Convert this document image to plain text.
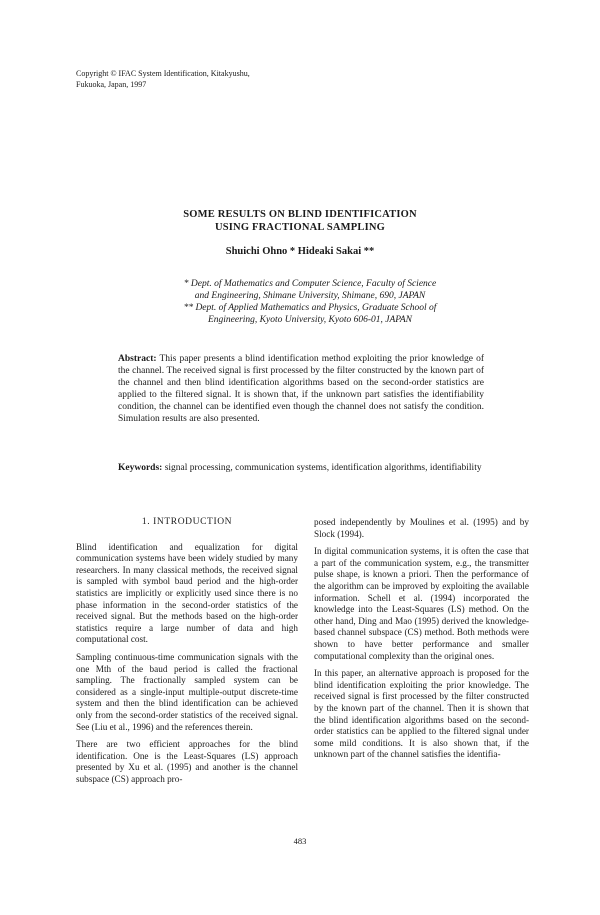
Copyright © IFAC System Identification, Kitakyushu,
Fukuoka, Japan, 1997
SOME RESULTS ON BLIND IDENTIFICATION
USING FRACTIONAL SAMPLING
Shuichi Ohno * Hideaki Sakai **
* Dept. of Mathematics and Computer Science, Faculty of Science
and Engineering, Shimane University, Shimane, 690, JAPAN
** Dept. of Applied Mathematics and Physics, Graduate School of
Engineering, Kyoto University, Kyoto 606-01, JAPAN
Abstract: This paper presents a blind identification method exploiting the prior knowledge of the channel. The received signal is first processed by the filter constructed by the known part of the channel and then blind identification algorithms based on the second-order statistics are applied to the filtered signal. It is shown that, if the unknown part satisfies the identifiability condition, the channel can be identified even though the channel does not satisfy the condition. Simulation results are also presented.
Keywords: signal processing, communication systems, identification algorithms, identifiability
1. INTRODUCTION

Blind identification and equalization for digital communication systems have been widely studied by many researchers. In many classical methods, the received signal is sampled with symbol baud period and the high-order statistics are implicitly or explicitly used since there is no phase information in the second-order statistics of the received signal. But the methods based on the high-order statistics require a large number of data and high computational cost.

Sampling continuous-time communication signals with the one Mth of the baud period is called the fractional sampling. The fractionally sampled system can be considered as a single-input multiple-output discrete-time system and then the blind identification can be achieved only from the second-order statistics of the received signal. See (Liu et al., 1996) and the references therein.

There are two efficient approaches for the blind identification. One is the Least-Squares (LS) approach presented by Xu et al. (1995) and another is the channel subspace (CS) approach pro-

posed independently by Moulines et al. (1995) and by Slock (1994).

In digital communication systems, it is often the case that a part of the communication system, e.g., the transmitter pulse shape, is known a priori. Then the performance of the algorithm can be improved by exploiting the available information. Schell et al. (1994) incorporated the knowledge into the Least-Squares (LS) method. On the other hand, Ding and Mao (1995) derived the knowledge-based channel subspace (CS) method. Both methods were shown to have better performance and smaller computational complexity than the original ones.

In this paper, an alternative approach is proposed for the blind identification exploiting the prior knowledge. The received signal is first processed by the filter constructed by the known part of the channel. Then it is shown that the blind identification algorithms based on the second-order statistics can be applied to the filtered signal under some mild conditions. It is also shown that, if the unknown part of the channel satisfies the identifia-

483
